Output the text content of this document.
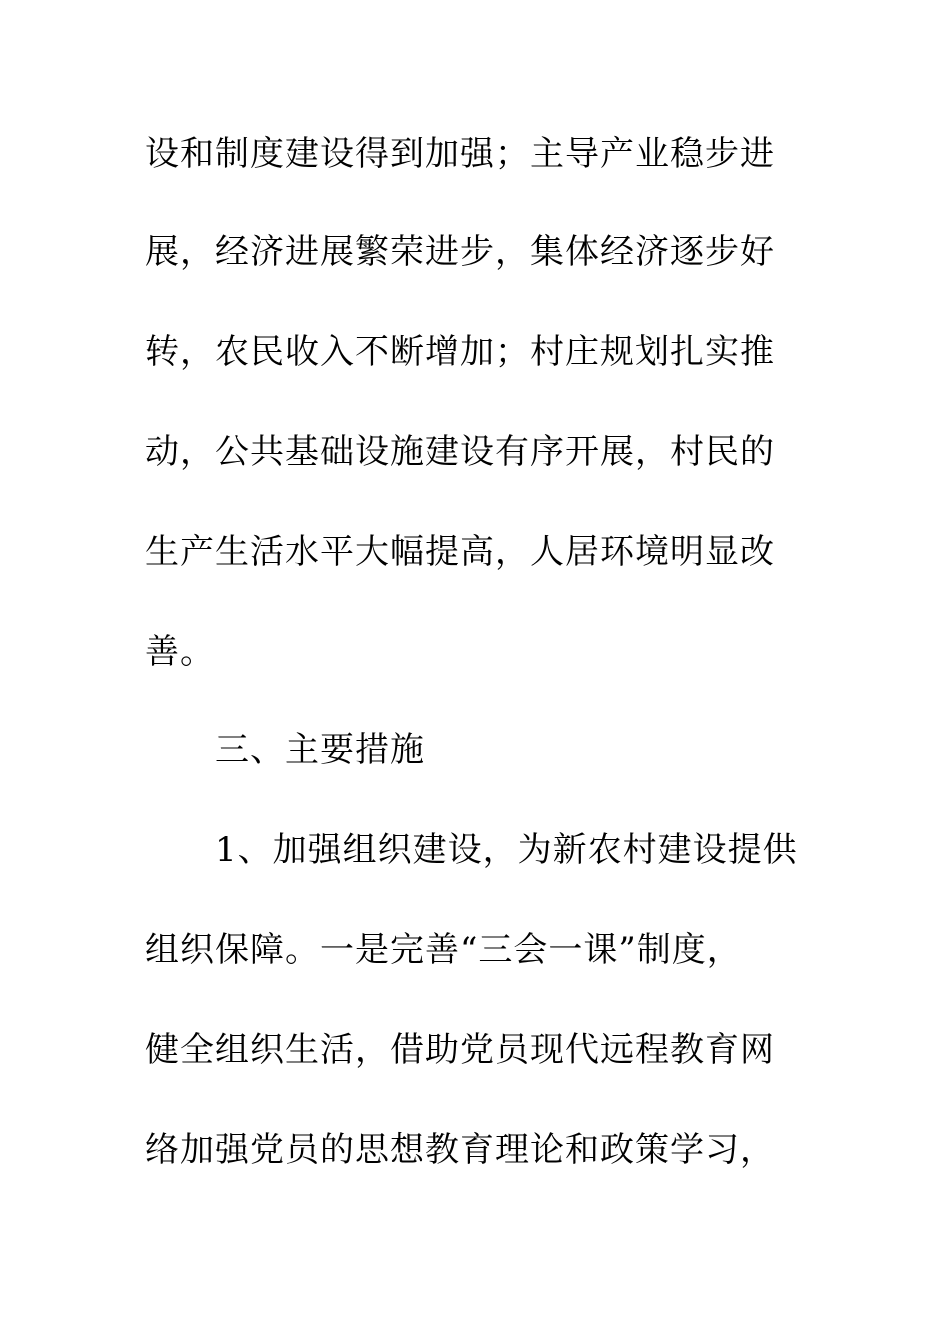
设和制度建设得到加强；主导产业稳步进
展，经济进展繁荣进步，集体经济逐步好
转，农民收入不断增加；村庄规划扎实推
动，公共基础设施建设有序开展，村民的
生产生活水平大幅提高，人居环境明显改
善。
三、主要措施
1、加强组织建设，为新农村建设提供
组织保障。一是完善“三会一课”制度，
健全组织生活，借助党员现代远程教育网
络加强党员的思想教育理论和政策学习，
